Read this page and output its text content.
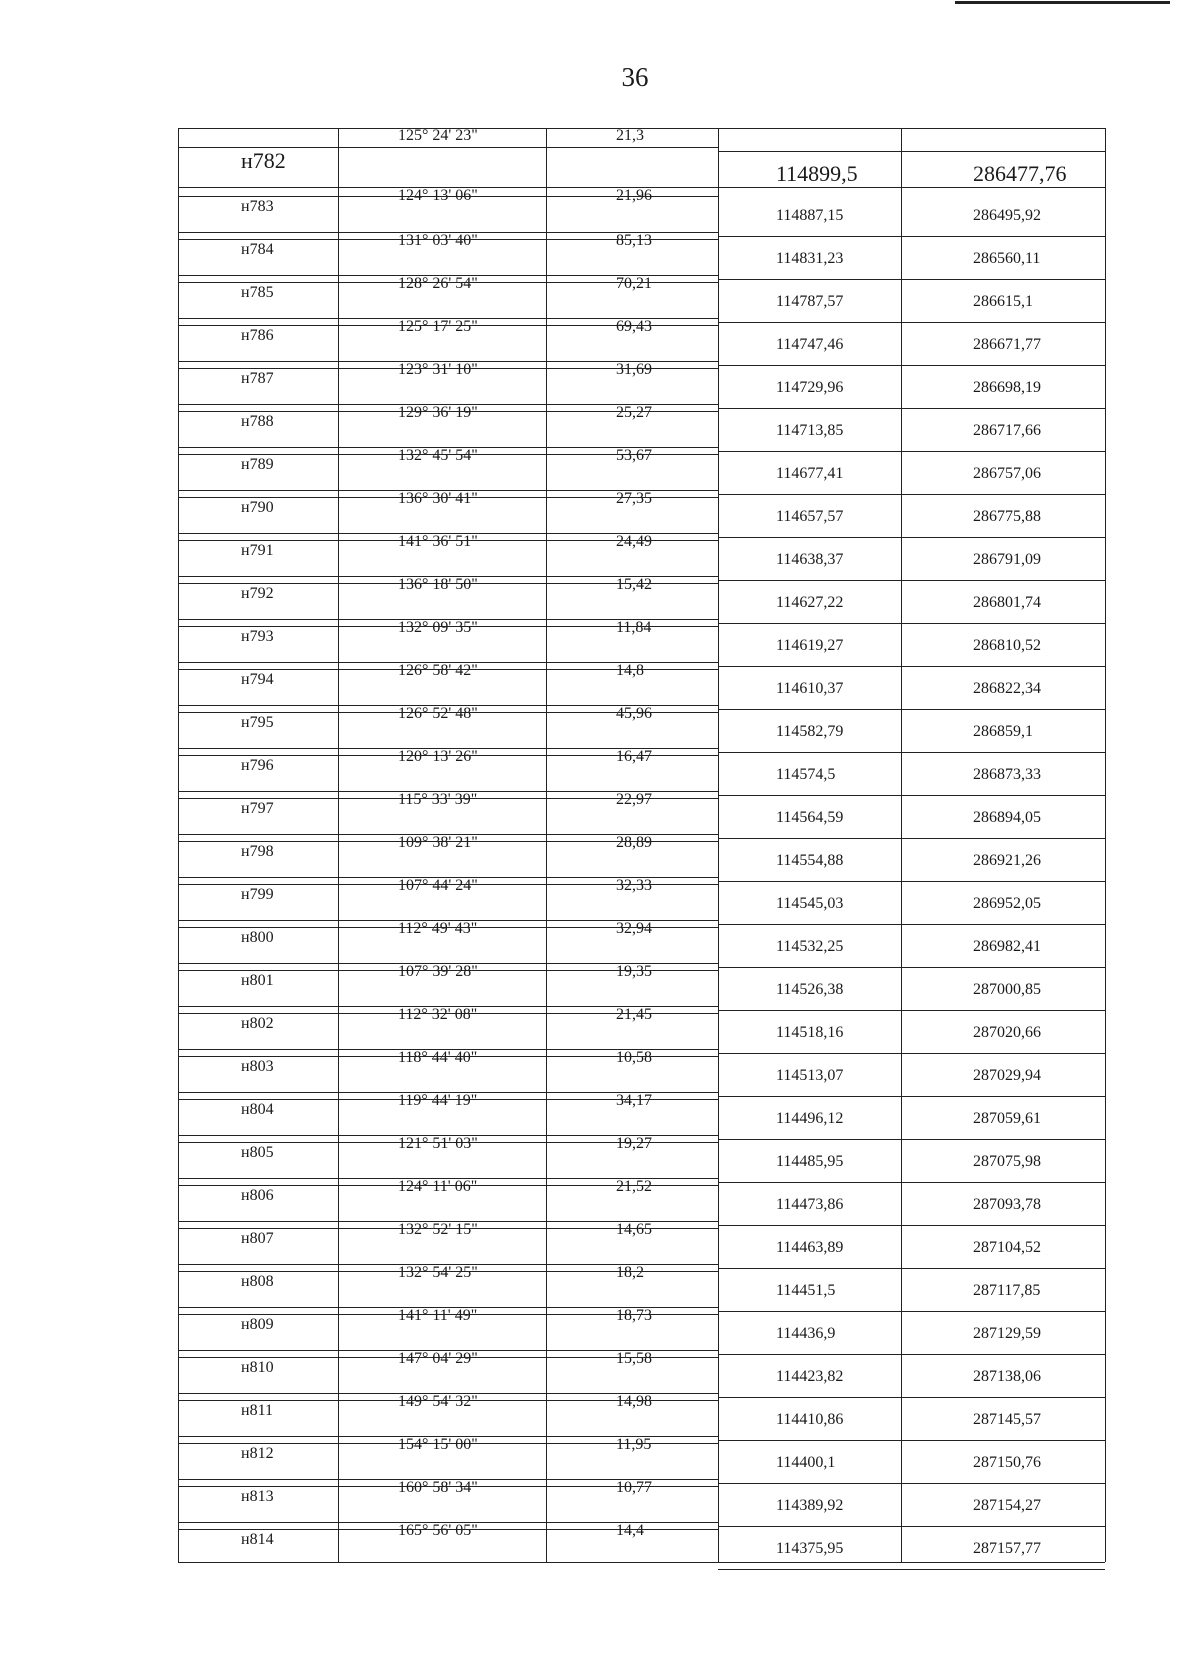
36
125° 24' 23"	21,3
н782
114899,5	286477,76
124° 13' 06"	21,96
н783
114887,15	286495,92
131° 03' 40"	85,13
н784
114831,23	286560,11
128° 26' 54"	70,21
н785
114787,57	286615,1
125° 17' 25"	69,43
н786
114747,46	286671,77
123° 31' 10"	31,69
н787
114729,96	286698,19
129° 36' 19"	25,27
н788
114713,85	286717,66
132° 45' 54"	53,67
н789
114677,41	286757,06
136° 30' 41"	27,35
н790
114657,57	286775,88
141° 36' 51"	24,49
н791
114638,37	286791,09
136° 18' 50"	15,42
н792
114627,22	286801,74
132° 09' 35"	11,84
н793
114619,27	286810,52
126° 58' 42"	14,8
н794
114610,37	286822,34
126° 52' 48"	45,96
н795
114582,79	286859,1
120° 13' 26"	16,47
н796
114574,5	286873,33
115° 33' 39"	22,97
н797
114564,59	286894,05
109° 38' 21"	28,89
н798
114554,88	286921,26
107° 44' 24"	32,33
н799
114545,03	286952,05
112° 49' 43"	32,94
н800
114532,25	286982,41
107° 39' 28"	19,35
н801
114526,38	287000,85
112° 32' 08"	21,45
н802
114518,16	287020,66
118° 44' 40"	10,58
н803
114513,07	287029,94
119° 44' 19"	34,17
н804
114496,12	287059,61
121° 51' 03"	19,27
н805
114485,95	287075,98
124° 11' 06"	21,52
н806
114473,86	287093,78
132° 52' 15"	14,65
н807
114463,89	287104,52
132° 54' 25"	18,2
н808
114451,5	287117,85
141° 11' 49"	18,73
н809
114436,9	287129,59
147° 04' 29"	15,58
н810
114423,82	287138,06
149° 54' 32"	14,98
н811
114410,86	287145,57
154° 15' 00"	11,95
н812
114400,1	287150,76
160° 58' 34"	10,77
н813
114389,92	287154,27
165° 56' 05"	14,4
н814
114375,95	287157,77
